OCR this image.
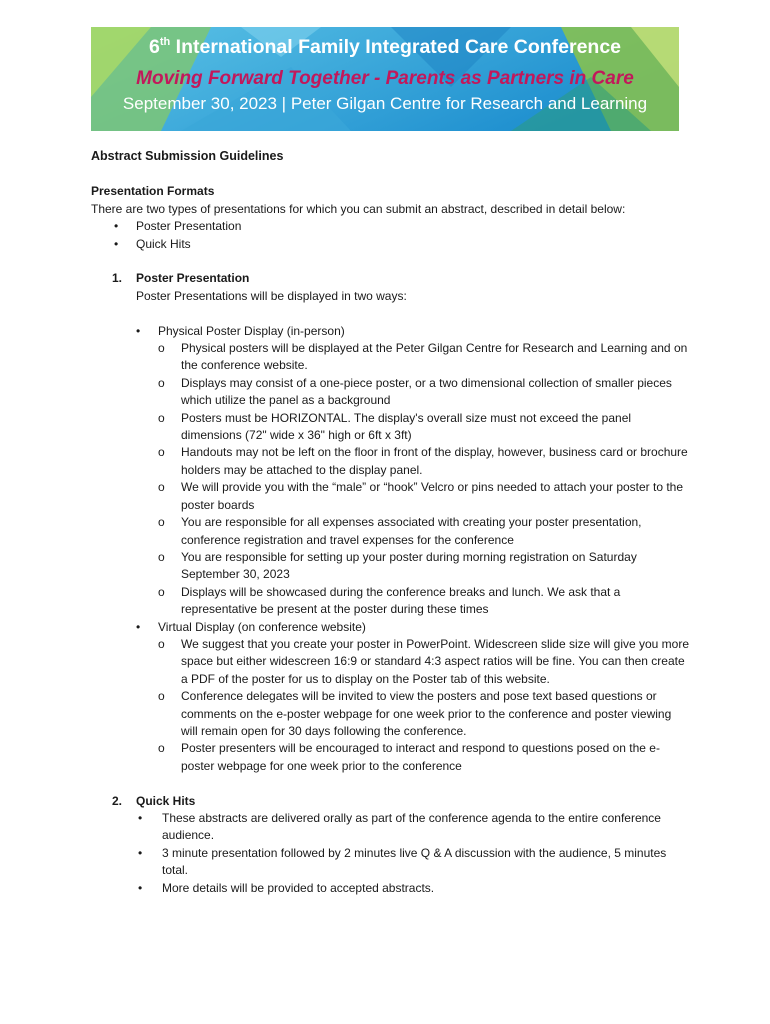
6th International Family Integrated Care Conference
Moving Forward Together - Parents as Partners in Care
September 30, 2023 | Peter Gilgan Centre for Research and Learning
Abstract Submission Guidelines
Presentation Formats

There are two types of presentations for which you can submit an abstract, described in detail below:

• Poster Presentation
• Quick Hits
1. Poster Presentation
Poster Presentations will be displayed in two ways:
• Physical Poster Display (in-person)
o Physical posters will be displayed at the Peter Gilgan Centre for Research and Learning and on the conference website.
o Displays may consist of a one-piece poster, or a two dimensional collection of smaller pieces which utilize the panel as a background
o Posters must be HORIZONTAL. The display's overall size must not exceed the panel dimensions (72" wide x 36" high or 6ft x 3ft)
o Handouts may not be left on the floor in front of the display, however, business card or brochure holders may be attached to the display panel.
o We will provide you with the “male” or “hook” Velcro or pins needed to attach your poster to the poster boards
o You are responsible for all expenses associated with creating your poster presentation, conference registration and travel expenses for the conference
o You are responsible for setting up your poster during morning registration on Saturday September 30, 2023
o Displays will be showcased during the conference breaks and lunch. We ask that a representative be present at the poster during these times
• Virtual Display (on conference website)
o We suggest that you create your poster in PowerPoint. Widescreen slide size will give you more space but either widescreen 16:9 or standard 4:3 aspect ratios will be fine. You can then create a PDF of the poster for us to display on the Poster tab of this website.
o Conference delegates will be invited to view the posters and pose text based questions or comments on the e-poster webpage for one week prior to the conference and poster viewing will remain open for 30 days following the conference.
o Poster presenters will be encouraged to interact and respond to questions posed on the e-poster webpage for one week prior to the conference
2. Quick Hits
• These abstracts are delivered orally as part of the conference agenda to the entire conference audience.
• 3 minute presentation followed by 2 minutes live Q & A discussion with the audience, 5 minutes total.
• More details will be provided to accepted abstracts.
